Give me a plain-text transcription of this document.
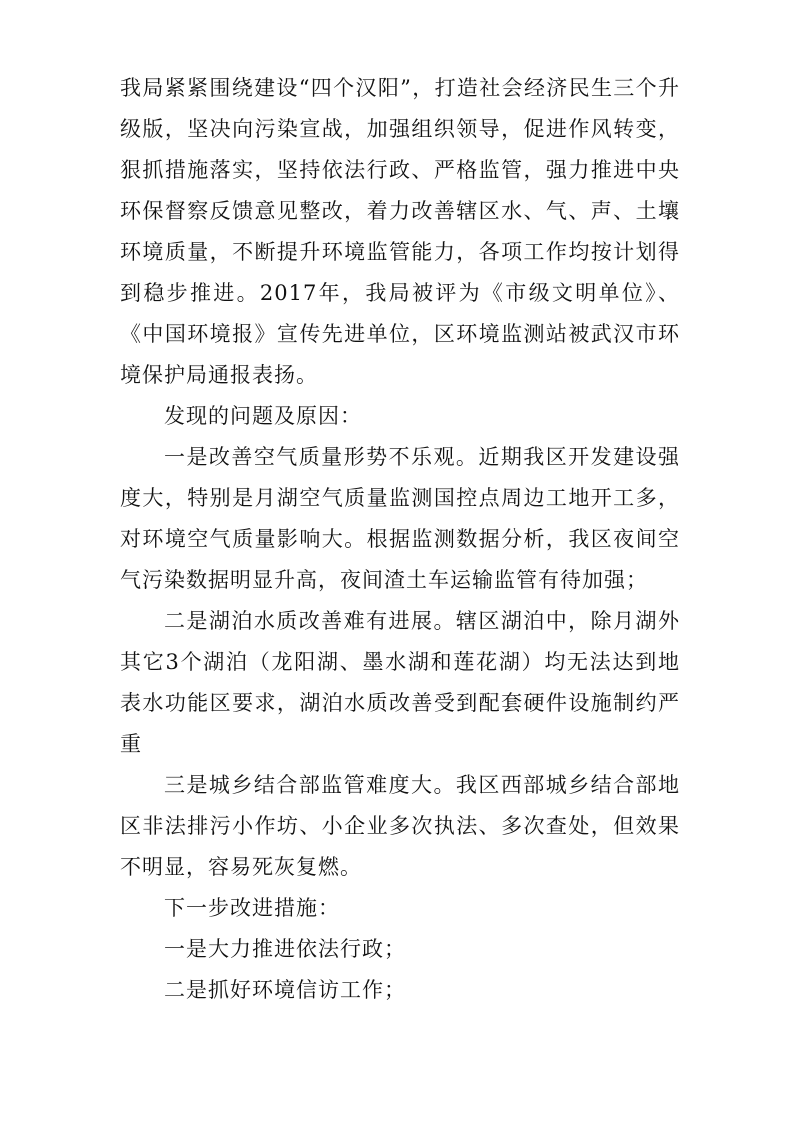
我局紧紧围绕建设“四个汉阳”，打造社会经济民生三个升级版，坚决向污染宣战，加强组织领导，促进作风转变，狠抓措施落实，坚持依法行政、严格监管，强力推进中央环保督察反馈意见整改，着力改善辖区水、气、声、土壤环境质量，不断提升环境监管能力，各项工作均按计划得到稳步推进。2017年，我局被评为《市级文明单位》、《中国环境报》宣传先进单位，区环境监测站被武汉市环境保护局通报表扬。

发现的问题及原因：

一是改善空气质量形势不乐观。近期我区开发建设强度大，特别是月湖空气质量监测国控点周边工地开工多，对环境空气质量影响大。根据监测数据分析，我区夜间空气污染数据明显升高，夜间渣土车运输监管有待加强；

二是湖泊水质改善难有进展。辖区湖泊中，除月湖外其它3个湖泊（龙阳湖、墨水湖和莲花湖）均无法达到地表水功能区要求，湖泊水质改善受到配套硬件设施制约严重

三是城乡结合部监管难度大。我区西部城乡结合部地区非法排污小作坊、小企业多次执法、多次查处，但效果不明显，容易死灰复燃。

下一步改进措施：

一是大力推进依法行政；

二是抓好环境信访工作；
